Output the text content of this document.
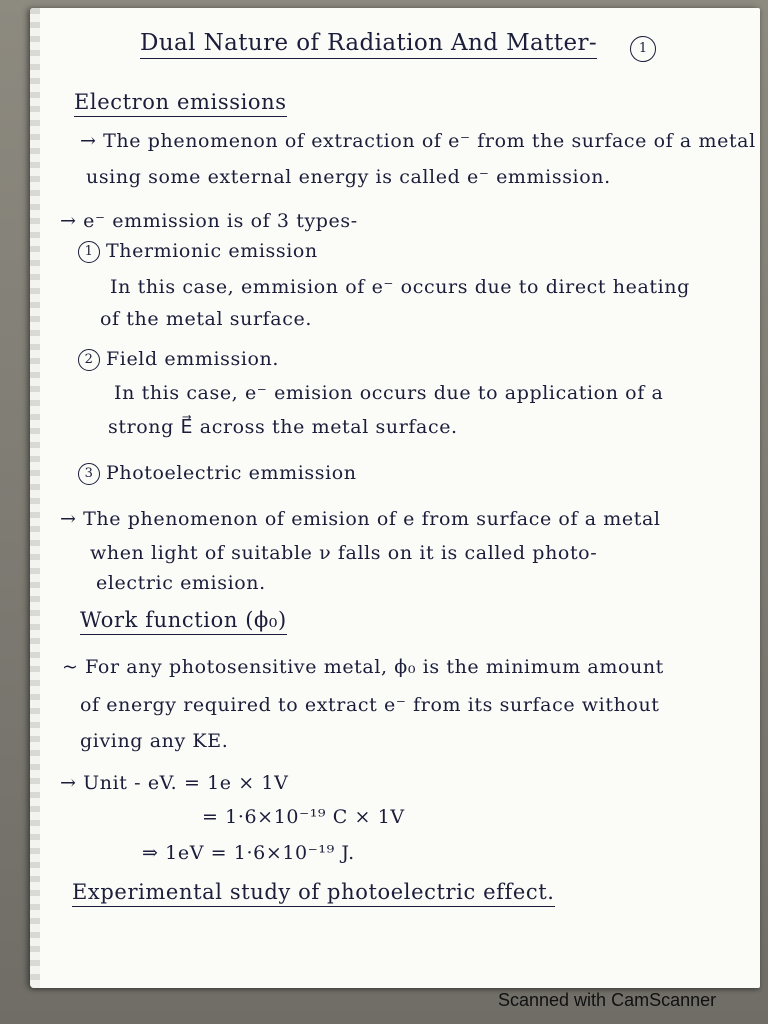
Dual Nature of Radiation And Matter-	1
Electron emissions
→ The phenomenon of extraction of e⁻ from the surface of a metal
using some external energy is called e⁻ emmission.
→ e⁻ emmission is of 3 types-
1 Thermionic emission
In this case, emmision of e⁻ occurs due to direct heating
of the metal surface.
2 Field emmission.
In this case, e⁻ emision occurs due to application of a
strong E⃗ across the metal surface.
3 Photoelectric emmission
→ The phenomenon of emision of e from surface of a metal
when light of suitable ν falls on it is called photo-
electric emision.
Work function (ϕ₀)
~ For any photosensitive metal, ϕ₀ is the minimum amount
of energy required to extract e⁻ from its surface without
giving any KE.
→ Unit - eV. = 1e × 1V
= 1·6×10⁻¹⁹ C × 1V
⇒ 1eV = 1·6×10⁻¹⁹ J.
Experimental study of photoelectric effect.
Scanned with CamScanner
